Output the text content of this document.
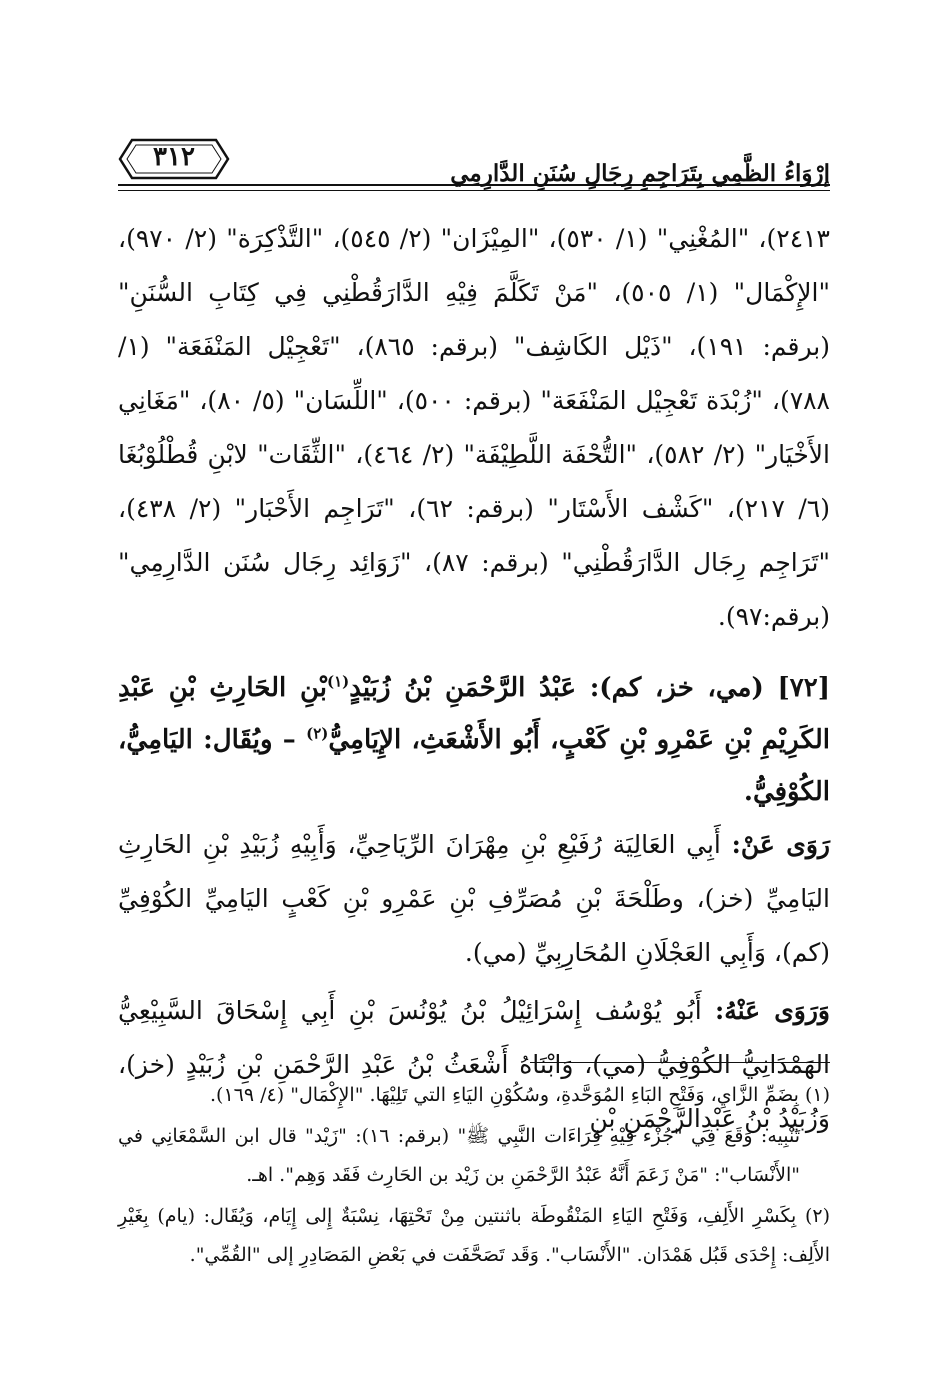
٣١٢
إرْوَاءُ الظَّمِي بِتَرَاجِمِ رِجَالِ سُنَنِ الدَّارِمِي

٢٤١٣)، "المُغْنِي" (١/ ٥٣٠)، "المِيْزَان" (٢/ ٥٤٥)، "التَّذْكِرَة" (٢/ ٩٧٠)، "الإِكْمَال" (١/ ٥٠٥)، "مَنْ تَكَلَّمَ فِيْهِ الدَّارَقُطْنِي فِي كِتَابِ السُّنَنِ" (برقم: ١٩١)، "ذَيْل الكَاشِف" (برقم: ٨٦٥)، "تَعْجِيْل المَنْفَعَة" (١/ ٧٨٨)، "زُبْدَة تَعْجِيْل المَنْفَعَة" (برقم: ٥٠٠)، "اللِّسَان" (٥/ ٨٠)، "مَغَانِي الأَخْيَار" (٢/ ٥٨٢)، "التُّحْفَة اللَّطِيْفَة" (٢/ ٤٦٤)، "الثِّقَات" لابْنِ قُطْلُوْبُغَا (٦/ ٢١٧)، "كَشْف الأَسْتَار" (برقم: ٦٢)، "تَرَاجِم الأَحْبَار" (٢/ ٤٣٨)، "تَرَاجِم رِجَال الدَّارَقُطْنِي" (برقم: ٨٧)، "زَوَائِد رِجَال سُنَن الدَّارِمِي" (برقم:٩٧).

[٧٢] (مي، خز، كم): عَبْدُ الرَّحْمَنِ بْنُ زُبَيْدٍ$^{(١)}$بْنِ الحَارِثِ بْنِ عَبْدِ الكَرِيْمِ بْنِ عَمْرِو بْنِ كَعْبٍ، أَبُو الأَشْعَثِ، الإِيَامِيُّ$^{(٢)}$ – ويُقَال: اليَامِيُّ، الكُوْفِيُّ.

رَوَى عَنْ: أَبِي العَالِيَة رُفَيْعِ بْنِ مِهْرَانَ الرِّيَاحِيِّ، وَأَبِيْهِ زُبَيْدِ بْنِ الحَارِثِ اليَامِيِّ (خز)، وطَلْحَةَ بْنِ مُصَرِّفِ بْنِ عَمْرِو بْنِ كَعْبٍ اليَامِيِّ الكُوْفِيِّ (كم)، وَأَبِي العَجْلَانِ المُحَارِبِيِّ (مي).

وَرَوَى عَنْهُ: أَبُو يُوْسُف إِسْرَائِيْلُ بْنُ يُوْنُسَ بْنِ أَبِي إِسْحَاقَ السَّبِيْعِيُّ الهَمْدَانِيُّ الكُوْفِيُّ (مي)، وَابْنَاهُ أَشْعَثُ بْنُ عَبْدِ الرَّحْمَنِ بْنِ زُبَيْدٍ (خز)، وَزُبَيْدُ بْنُ عَبْدِالرَّحْمَنِ بْنِ

(١) بِضَمِّ الزَّايِ، وَفَتْحِ البَاءِ المُوَحَّدةِ، وسُكُوْنِ اليَاءِ التي تَلِيْهَا. "الإِكْمَال" (٤/ ١٦٩).

تَنْبِيه: وَقَعَ فِي "جُزْء فِيْهِ قِرَاءَات النَّبِي ﷺ" (برقم: ١٦): "زَيْد" قال ابن السَّمْعَانِي في "الأَنْسَاب": "مَنْ زَعَمَ أَنَّهُ عَبْدُ الرَّحْمَنِ بن زَيْد بن الحَارِث فَقَد وَهِم". اهـ.

(٢) بِكَسْرِ الأَلِفِ، وَفَتْحِ اليَاءِ المَنْقُوطَة باثنتين مِنْ تَحْتِهَا، نِسْبَةٌ إِلى إِيَام، وَيُقَال: (يام) بِغَيْرِ الأَلِف: إِحْدَى قَبُل هَمْدَان. "الأَنْسَاب". وَقَد تَصَحَّفَت في بَعْضِ المَصَادِرِ إلى "القُمِّي".
